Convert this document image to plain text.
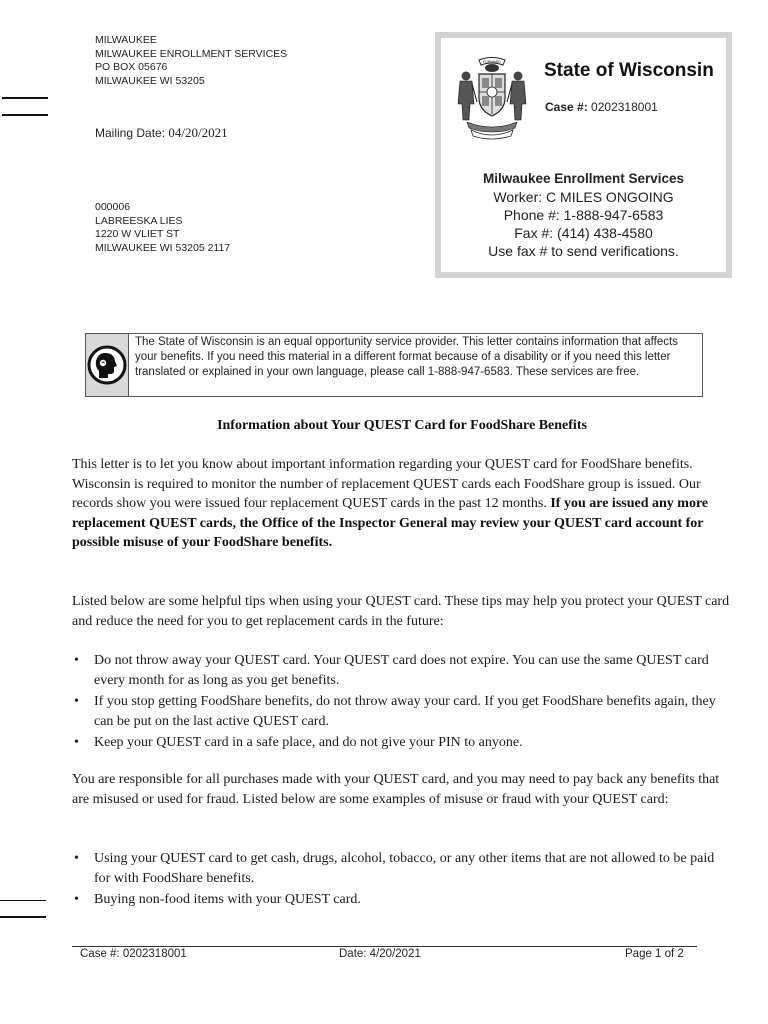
MILWAUKEE
MILWAUKEE ENROLLMENT SERVICES
PO BOX 05676
MILWAUKEE WI 53205
Mailing Date: 04/20/2021
000006
LABREESKA LIES
1220 W VLIET ST
MILWAUKEE WI 53205 2117
FORWARD State of Wisconsin
Case #: 0202318001
Milwaukee Enrollment Services
Worker: C MILES ONGOING
Phone #: 1-888-947-6583
Fax #: (414) 438-4580
Use fax # to send verifications.
The State of Wisconsin is an equal opportunity service provider. This letter contains information that affects your benefits. If you need this material in a different format because of a disability or if you need this letter translated or explained in your own language, please call 1-888-947-6583. These services are free.
Information about Your QUEST Card for FoodShare Benefits
This letter is to let you know about important information regarding your QUEST card for FoodShare benefits. Wisconsin is required to monitor the number of replacement QUEST cards each FoodShare group is issued. Our records show you were issued four replacement QUEST cards in the past 12 months. If you are issued any more replacement QUEST cards, the Office of the Inspector General may review your QUEST card account for possible misuse of your FoodShare benefits.
Listed below are some helpful tips when using your QUEST card. These tips may help you protect your QUEST card and reduce the need for you to get replacement cards in the future:
• Do not throw away your QUEST card. Your QUEST card does not expire. You can use the same QUEST card every month for as long as you get benefits.
• If you stop getting FoodShare benefits, do not throw away your card. If you get FoodShare benefits again, they can be put on the last active QUEST card.
• Keep your QUEST card in a safe place, and do not give your PIN to anyone.
You are responsible for all purchases made with your QUEST card, and you may need to pay back any benefits that are misused or used for fraud. Listed below are some examples of misuse or fraud with your QUEST card:
• Using your QUEST card to get cash, drugs, alcohol, tobacco, or any other items that are not allowed to be paid for with FoodShare benefits.
• Buying non-food items with your QUEST card.
Case #: 0202318001	Date: 4/20/2021	Page 1 of 2
